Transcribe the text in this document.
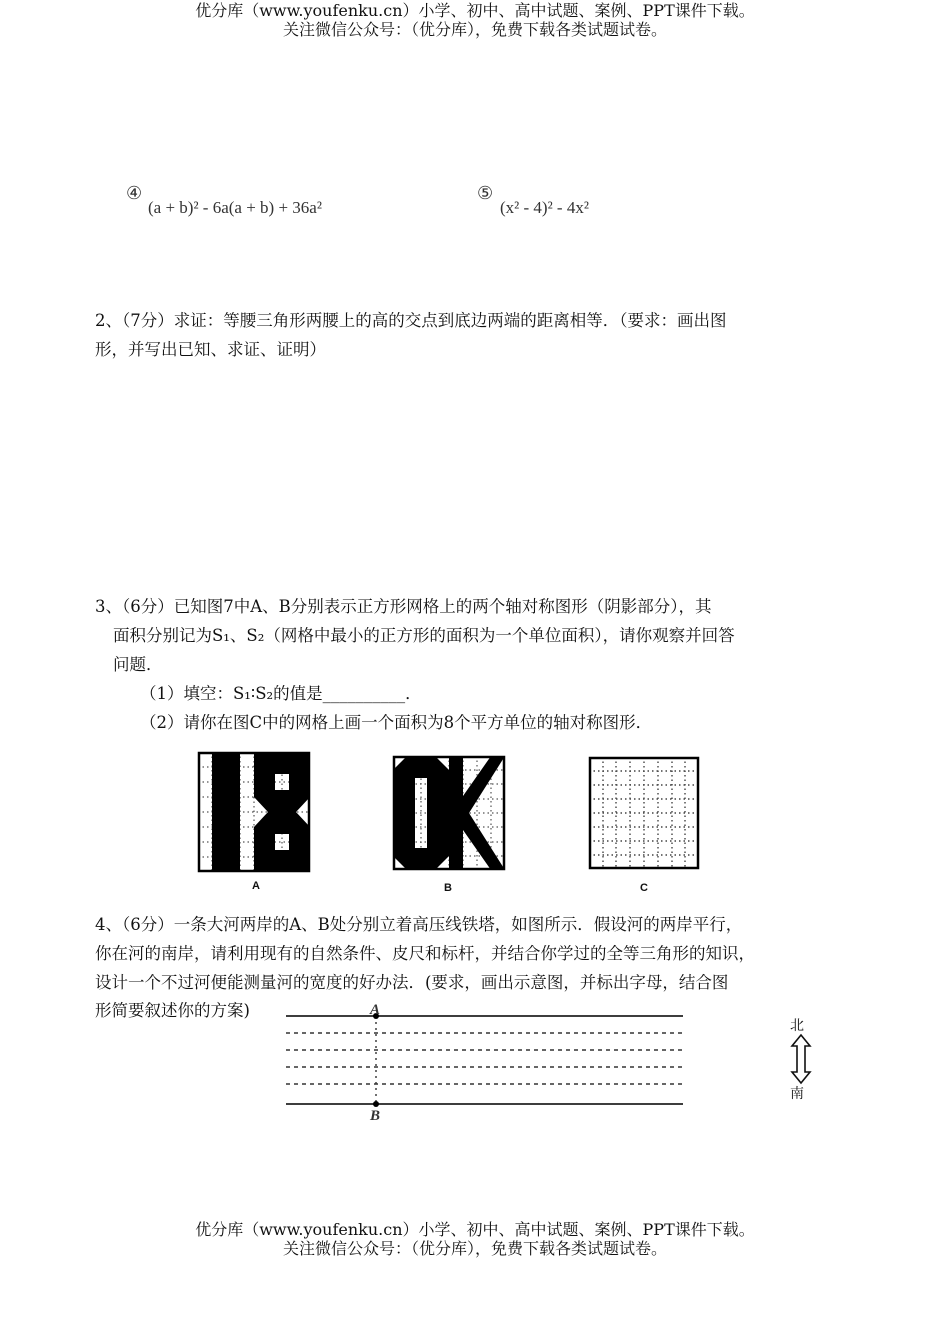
优分库（www.youfenku.cn）小学、初中、高中试题、案例、PPT课件下载。
关注微信公众号：（优分库），免费下载各类试题试卷。
④
(a + b)² - 6a(a + b) + 36a²
⑤
(x² - 4)² - 4x²
2、（7分）求证：等腰三角形两腰上的高的交点到底边两端的距离相等．（要求：画出图
形，并写出已知、求证、证明）
3、（6分）已知图7中A、B分别表示正方形网格上的两个轴对称图形（阴影部分），其
面积分别记为S₁、S₂（网格中最小的正方形的面积为一个单位面积），请你观察并回答
问题．
（1）填空：S₁∶S₂的值是__________．
（2）请你在图C中的网格上画一个面积为8个平方单位的轴对称图形．
A	B	C
4、（6分）一条大河两岸的A、B处分别立着高压线铁塔，如图所示．假设河的两岸平行，
你在河的南岸，请利用现有的自然条件、皮尺和标杆，并结合你学过的全等三角形的知识，
设计一个不过河便能测量河的宽度的好办法．(要求，画出示意图，并标出字母，结合图
形简要叙述你的方案)	A
B
北
南
优分库（www.youfenku.cn）小学、初中、高中试题、案例、PPT课件下载。
关注微信公众号：（优分库），免费下载各类试题试卷。
